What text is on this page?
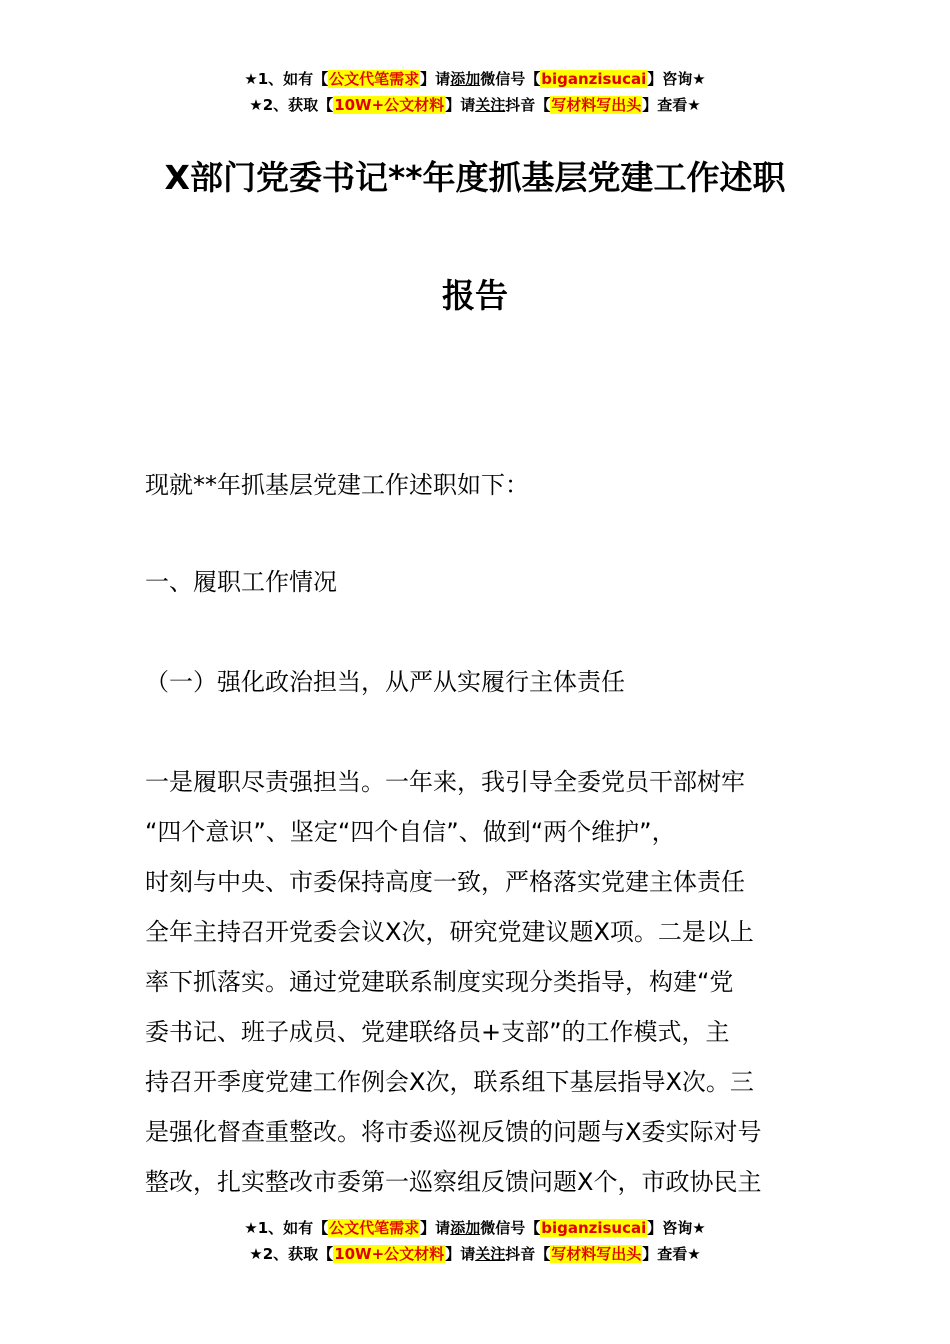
★1、如有【公文代笔需求】请添加微信号【biganzisucai】咨询★
★2、获取【10W+公文材料】请关注抖音【写材料写出头】查看★
X部门党委书记**年度抓基层党建工作述职
报告
现就**年抓基层党建工作述职如下：
一、履职工作情况
（一）强化政治担当，从严从实履行主体责任
一是履职尽责强担当。一年来，我引导全委党员干部树牢
“四个意识”、坚定“四个自信”、做到“两个维护”，
时刻与中央、市委保持高度一致，严格落实党建主体责任
全年主持召开党委会议X次，研究党建议题X项。二是以上
率下抓落实。通过党建联系制度实现分类指导，构建“党
委书记、班子成员、党建联络员+支部”的工作模式，主
持召开季度党建工作例会X次，联系组下基层指导X次。三
是强化督查重整改。将市委巡视反馈的问题与X委实际对号
整改，扎实整改市委第一巡察组反馈问题X个，市政协民主
★1、如有【公文代笔需求】请添加微信号【biganzisucai】咨询★
★2、获取【10W+公文材料】请关注抖音【写材料写出头】查看★
